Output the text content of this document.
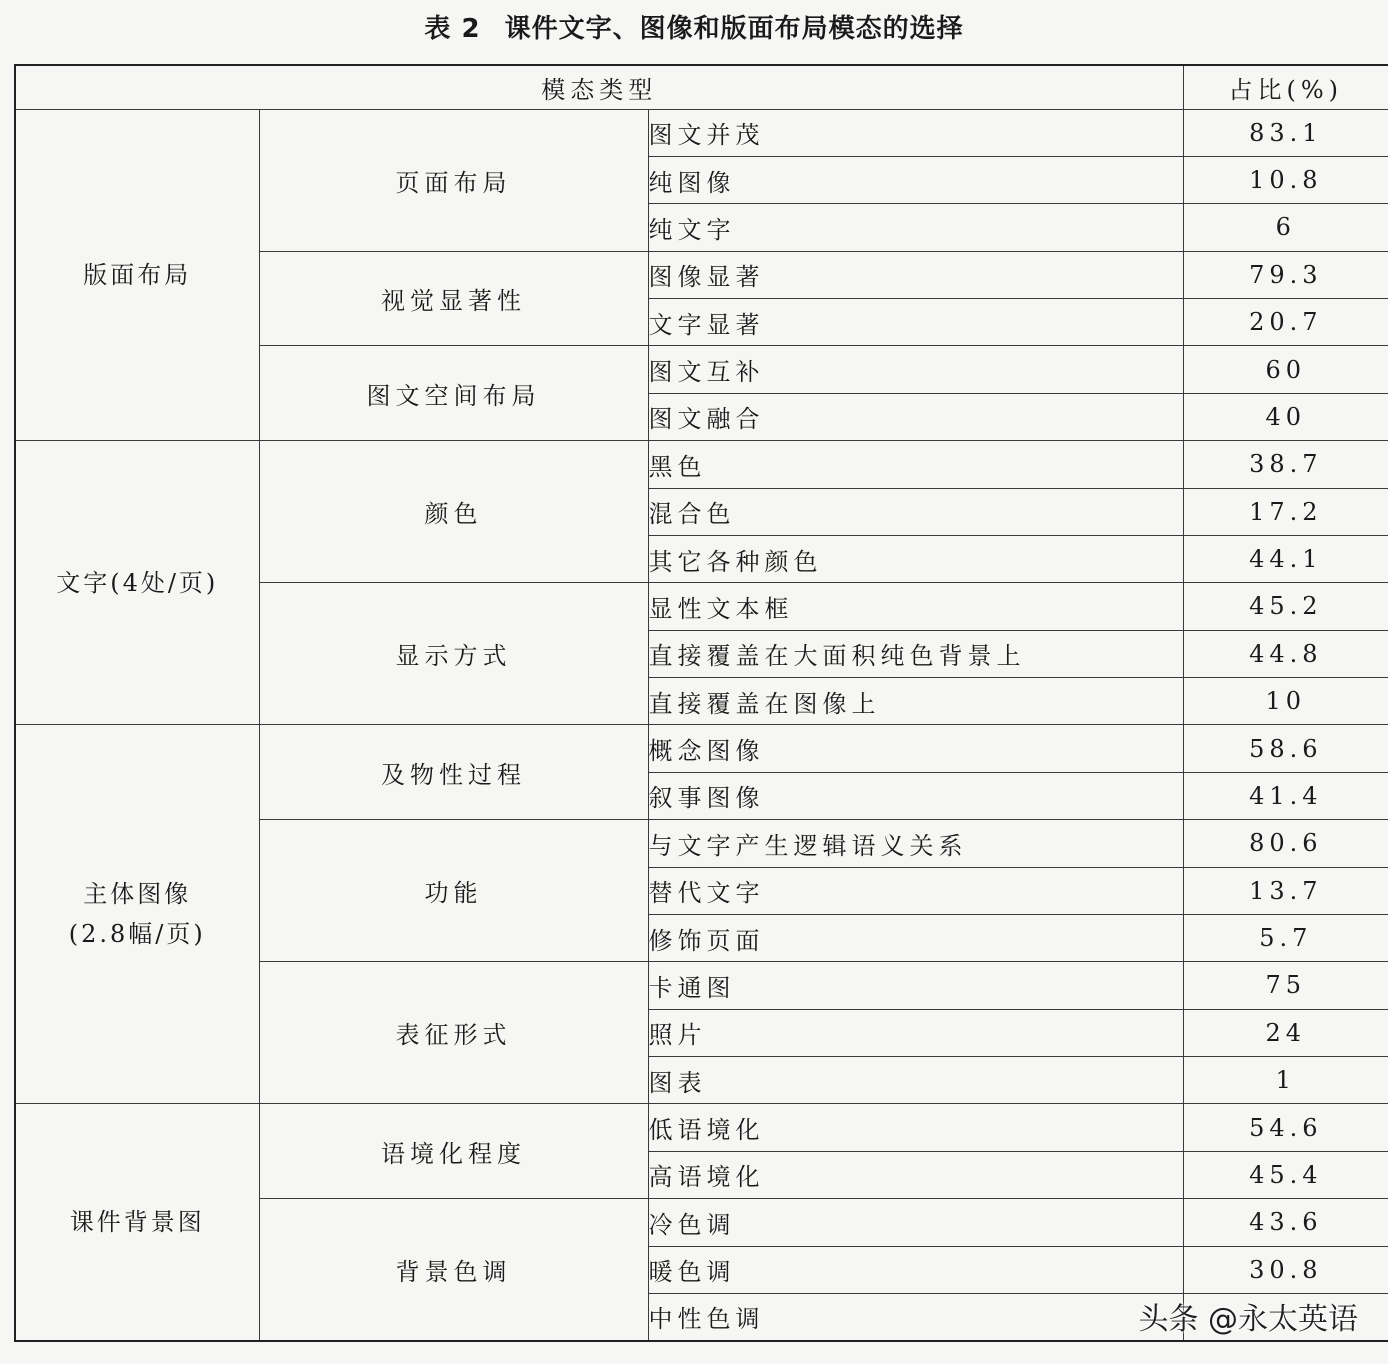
表 2 课件文字、图像和版面布局模态的选择
模态类型			占比(%)

版面布局	页面布局	图文并茂	83.1
		纯图像	10.8
		纯文字	6
	视觉显著性	图像显著	79.3
		文字显著	20.7
	图文空间布局	图文互补	60
		图文融合	40

文字(4处/页)	颜色	黑色	38.7
		混合色	17.2
		其它各种颜色	44.1
	显示方式	显性文本框	45.2
		直接覆盖在大面积纯色背景上	44.8
		直接覆盖在图像上	10

主体图像
(2.8幅/页)	及物性过程	概念图像	58.6
		叙事图像	41.4
	功能	与文字产生逻辑语义关系	80.6
		替代文字	13.7
		修饰页面	5.7
	表征形式	卡通图	75
		照片	24
		图表	1

课件背景图	语境化程度	低语境化	54.6
		高语境化	45.4
	背景色调	冷色调	43.6
		暖色调	30.8
		中性色调		头条 @永太英语
